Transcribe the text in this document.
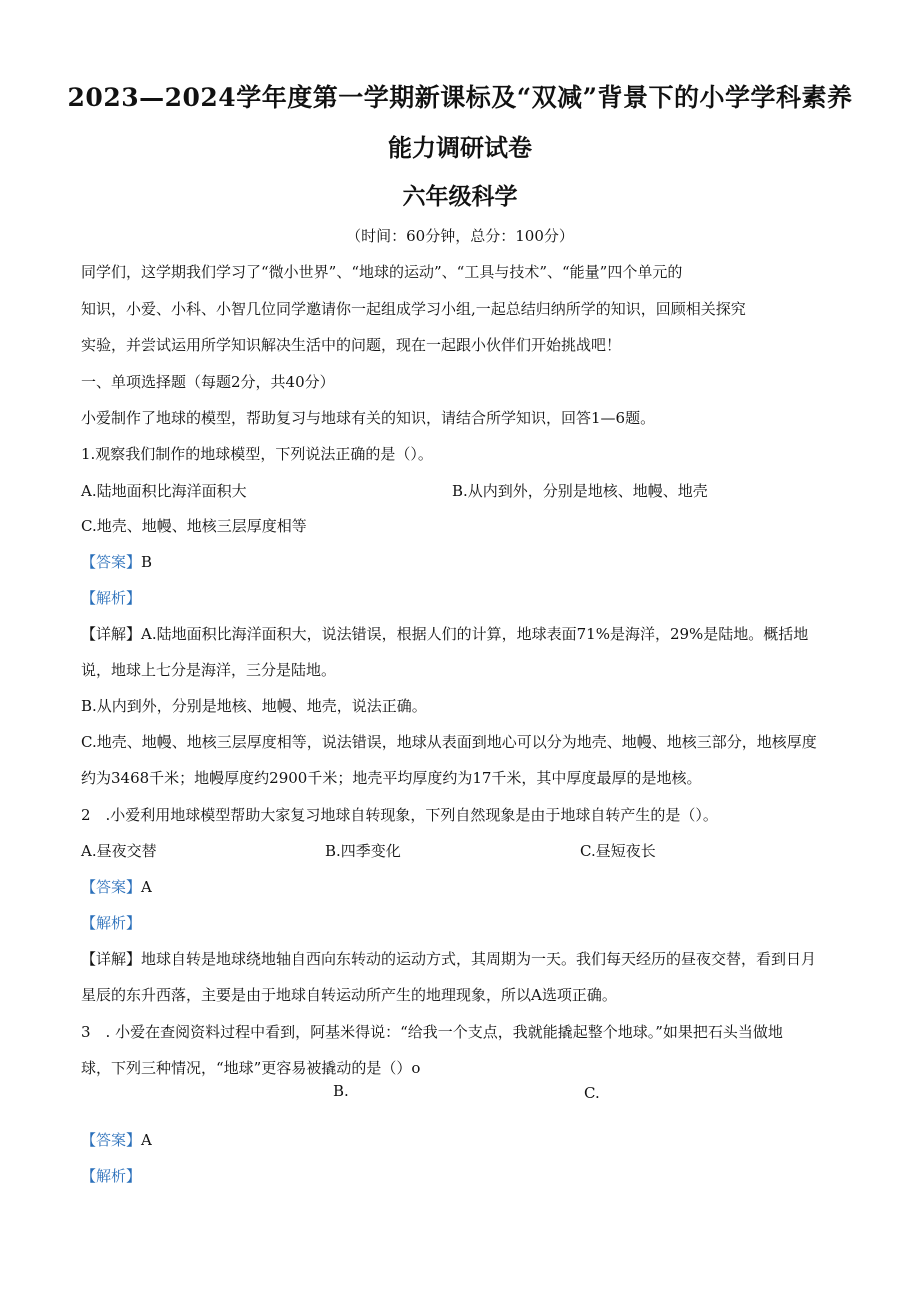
2023—2024学年度第一学期新课标及“双减”背景下的小学学科素养
能力调研试卷
六年级科学
（时间：60分钟，总分：100分）
同学们，这学期我们学习了“微小世界”、“地球的运动”、“工具与技术”、“能量”四个单元的
知识，小爱、小科、小智几位同学邀请你一起组成学习小组,一起总结归纳所学的知识，回顾相关探究
实验，并尝试运用所学知识解决生活中的问题，现在一起跟小伙伴们开始挑战吧！
一、单项选择题（每题2分，共40分）
小爱制作了地球的模型，帮助复习与地球有关的知识，请结合所学知识，回答1—6题。
1.观察我们制作的地球模型，下列说法正确的是（）。
A.陆地面积比海洋面积大	B.从内到外，分别是地核、地幔、地壳
C.地壳、地幔、地核三层厚度相等
【答案】B
【解析】
【详解】A.陆地面积比海洋面积大，说法错误，根据人们的计算，地球表面71%是海洋，29%是陆地。概括地
说，地球上七分是海洋，三分是陆地。
B.从内到外，分别是地核、地幔、地壳，说法正确。
C.地壳、地幔、地核三层厚度相等，说法错误，地球从表面到地心可以分为地壳、地幔、地核三部分，地核厚度
约为3468千米；地幔厚度约2900千米；地壳平均厚度约为17千米，其中厚度最厚的是地核。
2　.小爱利用地球模型帮助大家复习地球自转现象，下列自然现象是由于地球自转产生的是（）。
A.昼夜交替	B.四季变化	C.昼短夜长
【答案】A
【解析】
【详解】地球自转是地球绕地轴自西向东转动的运动方式，其周期为一天。我们每天经历的昼夜交替，看到日月
星辰的东升西落，主要是由于地球自转运动所产生的地理现象，所以A选项正确。
3　. 小爱在查阅资料过程中看到，阿基米得说：“给我一个支点，我就能撬起整个地球。”如果把石头当做地
球，下列三种情况，“地球”更容易被撬动的是（）o
B.	C.
【答案】A
【解析】
